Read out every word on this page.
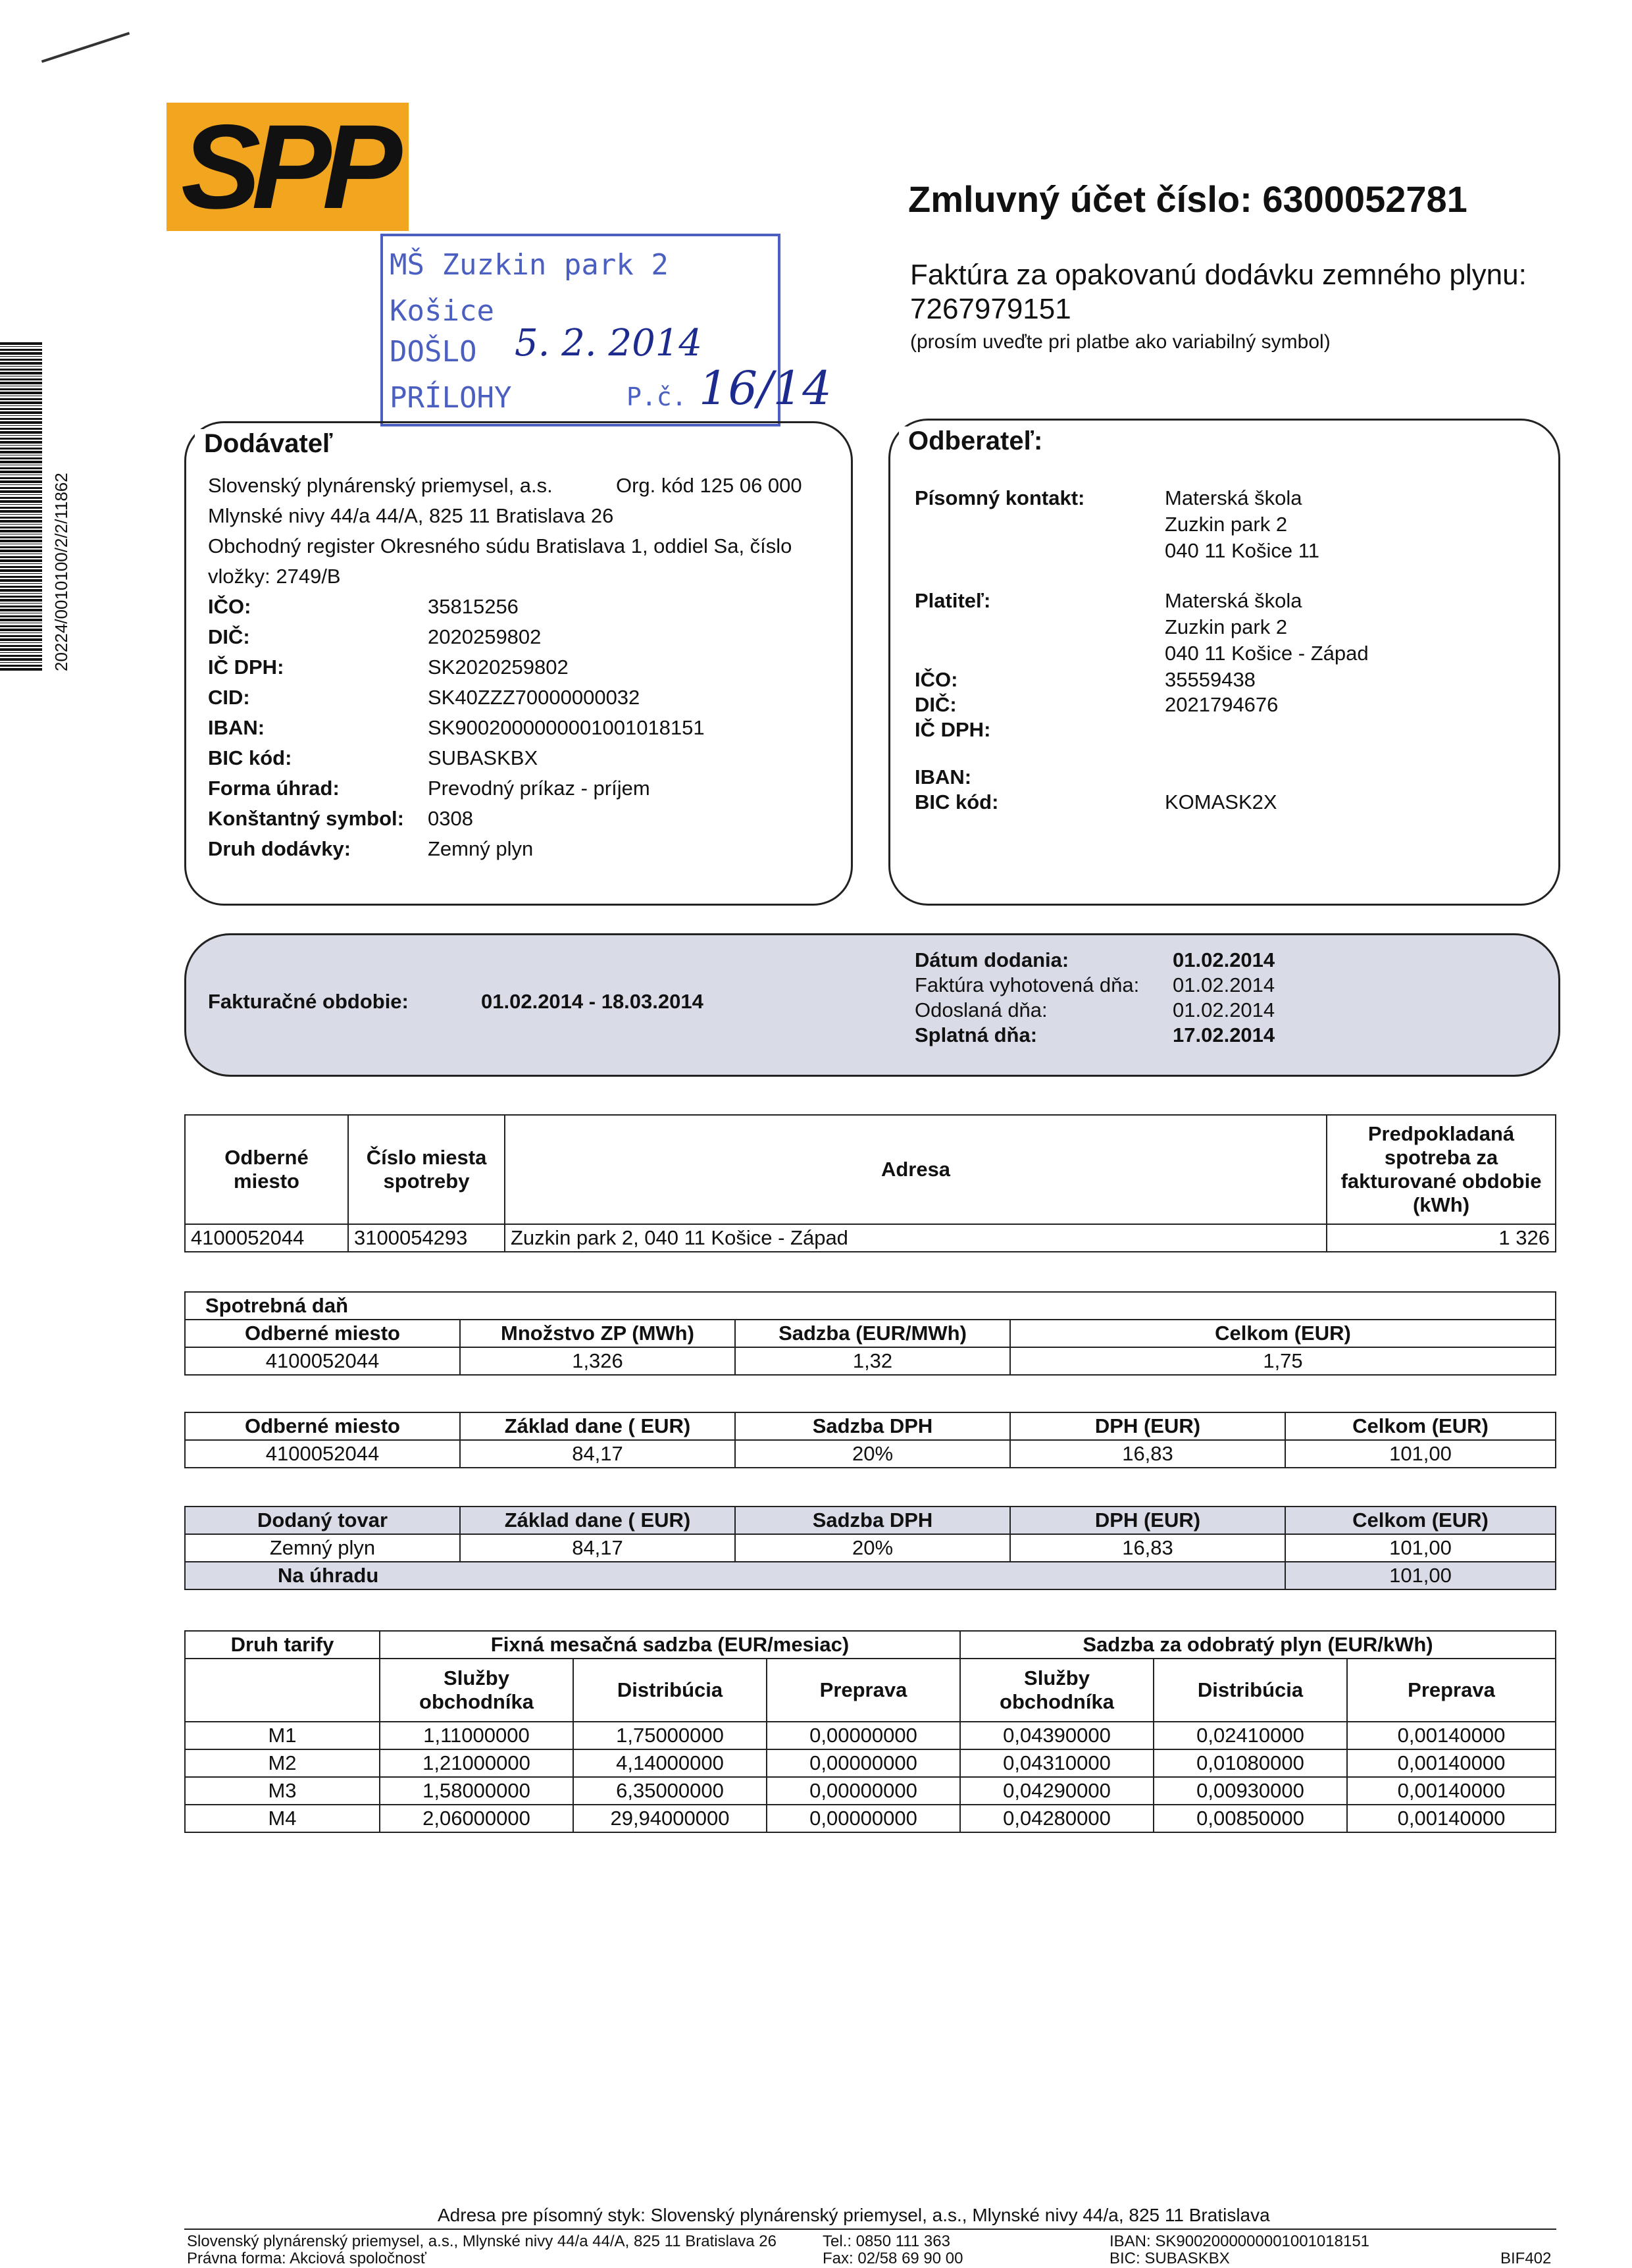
SPP
20224/0010100/2/2/11862
MŠ Zuzkin park 2
Košice
DOŠLO 5. 2. 2014
PRÍLOHY	P.č. 16/14
Zmluvný účet číslo: 6300052781
Faktúra za opakovanú dodávku zemného plynu:
7267979151
(prosím uveďte pri platbe ako variabilný symbol)
Dodávateľ
Slovenský plynárenský priemysel, a.s.	Org. kód 125 06 000
Mlynské nivy 44/a 44/A, 825 11 Bratislava 26
Obchodný register Okresného súdu Bratislava 1, oddiel Sa, číslo
vložky: 2749/B
IČO:	35815256
DIČ:	2020259802
IČ DPH:	SK2020259802
CID:	SK40ZZZ70000000032
IBAN:	SK9002000000001001018151
BIC kód:	SUBASKBX
Forma úhrad:	Prevodný príkaz - príjem
Konštantný symbol: 0308
Druh dodávky:	Zemný plyn
Odberateľ:
Písomný kontakt:	Materská škola
Zuzkin park 2
040 11 Košice 11
Platiteľ:	Materská škola
Zuzkin park 2
040 11 Košice - Západ
IČO:	35559438
DIČ:	2021794676
IČ DPH:
IBAN:
BIC kód:	KOMASK2X
Fakturačné obdobie:	01.02.2014 - 18.03.2014
Dátum dodania:	01.02.2014
Faktúra vyhotovená dňa: 01.02.2014
Odoslaná dňa:	01.02.2014
Splatná dňa:	17.02.2014
Odberné miesto	Číslo miesta spotreby	Adresa	Predpokladaná spotreba za fakturované obdobie (kWh)
4100052044	3100054293	Zuzkin park 2, 040 11 Košice - Západ	1 326
Spotrebná daň			
Odberné miesto	Množstvo ZP (MWh)	Sadzba (EUR/MWh)	Celkom (EUR)
4100052044	1,326	1,32	1,75
Odberné miesto	Základ dane ( EUR)	Sadzba DPH	DPH (EUR)	Celkom (EUR)
4100052044	84,17	20%	16,83	101,00
Dodaný tovar	Základ dane ( EUR)	Sadzba DPH	DPH (EUR)	Celkom (EUR)
Zemný plyn	84,17	20%	16,83	101,00
Na úhradu				101,00
Druh tarify	Fixná mesačná sadzba (EUR/mesiac)			Sadzba za odobratý plyn (EUR/kWh)		
	Služby obchodníka	Distribúcia	Preprava	Služby obchodníka	Distribúcia	Preprava
M1	1,11000000	1,75000000	0,00000000	0,04390000	0,02410000	0,00140000
M2	1,21000000	4,14000000	0,00000000	0,04310000	0,01080000	0,00140000
M3	1,58000000	6,35000000	0,00000000	0,04290000	0,00930000	0,00140000
M4	2,06000000	29,94000000	0,00000000	0,04280000	0,00850000	0,00140000
Adresa pre písomný styk: Slovenský plynárenský priemysel, a.s., Mlynské nivy 44/a, 825 11 Bratislava
Slovenský plynárenský priemysel, a.s., Mlynské nivy 44/a 44/A, 825 11 Bratislava 26
Právna forma: Akciová spoločnosť
Tel.: 0850 111 363
Fax: 02/58 69 90 00
IBAN: SK9002000000001001018151
BIC: SUBASKBX	BIF402
